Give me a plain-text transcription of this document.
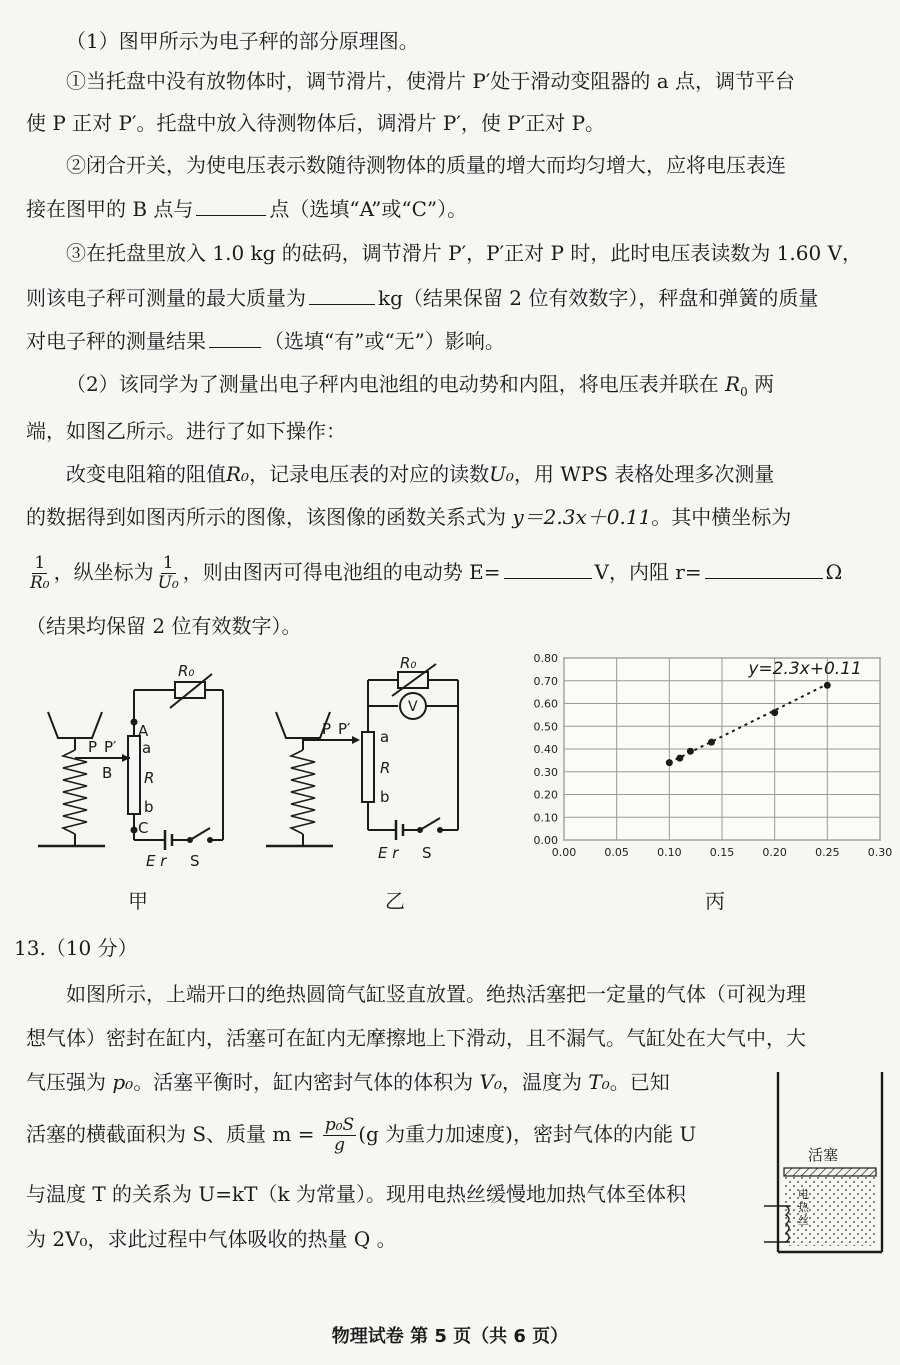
（1）图甲所示为电子秤的部分原理图。
①当托盘中没有放物体时，调节滑片，使滑片 P′处于滑动变阻器的 a 点，调节平台
使 P 正对 P′。托盘中放入待测物体后，调滑片 P′，使 P′正对 P。
②闭合开关，为使电压表示数随待测物体的质量的增大而均匀增大，应将电压表连
接在图甲的 B 点与	点（选填“A”或“C”）。
③在托盘里放入 1.0 kg 的砝码，调节滑片 P′，P′正对 P 时，此时电压表读数为 1.60 V，
则该电子秤可测量的最大质量为	kg（结果保留 2 位有效数字），秤盘和弹簧的质量
对电子秤的测量结果	（选填“有”或“无”）影响。
（2）该同学为了测量出电子秤内电池组的电动势和内阻，将电压表并联在 $R_0$ 两
端，如图乙所示。进行了如下操作：
改变电阻箱的阻值R₀，记录电压表的对应的读数U₀，用 WPS 表格处理多次测量
的数据得到如图丙所示的图像，该图像的函数关系式为 y＝2.3x＋0.11。其中横坐标为
$\frac{1}{\text{R₀}}$ ，纵坐标为 $\frac{1}{\text{U₀}}$ ，则由图丙可得电池组的电动势 E=	V，内阻 r=	Ω
（结果均保留 2 位有效数字）。
A
a
R
b
C
P P′
B
R₀
E r S
V
a
R
b
P P′
R₀
E r S	0.00	0.05	0.10	0.15	0.20	0.25	0.30
0.00
0.10
0.20
0.30
0.40
0.50
0.60
0.70
0.80
y=2.3x+0.11
甲	乙	丙
13.（10 分）
如图所示，上端开口的绝热圆筒气缸竖直放置。绝热活塞把一定量的气体（可视为理
想气体）密封在缸内，活塞可在缸内无摩擦地上下滑动，且不漏气。气缸处在大气中，大
气压强为 p₀。活塞平衡时，缸内密封气体的体积为 V₀，温度为 T₀。已知
活塞的横截面积为 S、质量 $m = \frac{\text{p₀S}}{g} (g$ 为重力加速度)，密封气体的内能 U
与温度 T 的关系为 U=kT（k 为常量）。现用电热丝缓慢地加热气体至体积
为 2V₀，求此过程中气体吸收的热量 Q 。
活塞
电热丝
物理试卷 第 5 页（共 6 页）
